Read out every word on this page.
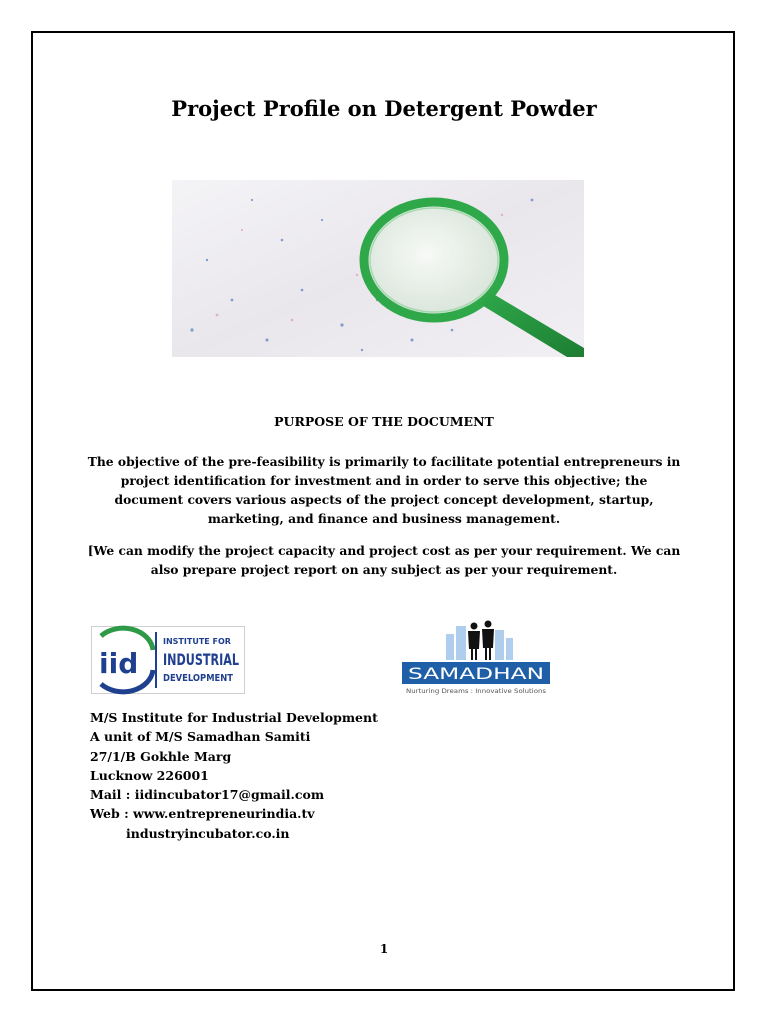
Project Profile on Detergent Powder
PURPOSE OF THE DOCUMENT
The objective of the pre-feasibility is primarily to facilitate potential entrepreneurs in project identification for investment and in order to serve this objective; the document covers various aspects of the project concept development, startup, marketing, and finance and business management.
[We can modify the project capacity and project cost as per your requirement. We can also prepare project report on any subject as per your requirement.
iid
INSTITUTE FOR
INDUSTRIAL
DEVELOPMENT	SAMADHAN
Nurturing Dreams : Innovative Solutions
M/S Institute for Industrial Development
A unit of M/S Samadhan Samiti
27/1/B Gokhle Marg
Lucknow 226001
Mail : iidincubator17@gmail.com
Web : www.entrepreneurindia.tv
industryincubator.co.in
1
